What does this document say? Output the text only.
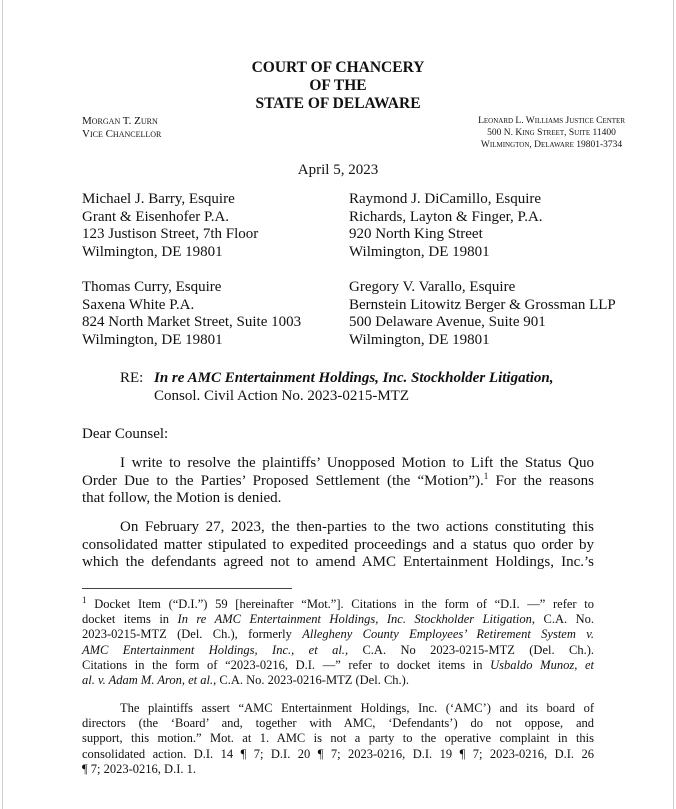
COURT OF CHANCERY
OF THE
STATE OF DELAWARE
Morgan T. Zurn
Vice Chancellor
Leonard L. Williams Justice Center
500 N. King Street, Suite 11400
Wilmington, Delaware 19801-3734
April 5, 2023
Michael J. Barry, Esquire
Grant & Eisenhofer P.A.
123 Justison Street, 7th Floor
Wilmington, DE 19801
Raymond J. DiCamillo, Esquire
Richards, Layton & Finger, P.A.
920 North King Street
Wilmington, DE 19801
Thomas Curry, Esquire
Saxena White P.A.
824 North Market Street, Suite 1003
Wilmington, DE 19801
Gregory V. Varallo, Esquire
Bernstein Litowitz Berger & Grossman LLP
500 Delaware Avenue, Suite 901
Wilmington, DE 19801
RE: In re AMC Entertainment Holdings, Inc. Stockholder Litigation,
Consol. Civil Action No. 2023-0215-MTZ
Dear Counsel:
I write to resolve the plaintiffs’ Unopposed Motion to Lift the Status Quo
Order Due to the Parties’ Proposed Settlement (the “Motion”).$^1$ For the reasons
that follow, the Motion is denied.
On February 27, 2023, the then-parties to the two actions constituting this
consolidated matter stipulated to expedited proceedings and a status quo order by
which the defendants agreed not to amend AMC Entertainment Holdings, Inc.’s
$^1$ Docket Item (“D.I.”) 59 [hereinafter “Mot.”]. Citations in the form of “D.I. —” refer to
docket items in In re AMC Entertainment Holdings, Inc. Stockholder Litigation, C.A. No.
2023-0215-MTZ (Del. Ch.), formerly Allegheny County Employees’ Retirement System v.
AMC Entertainment Holdings, Inc., et al., C.A. No 2023-0215-MTZ (Del. Ch.).
Citations in the form of “2023-0216, D.I. —” refer to docket items in Usbaldo Munoz, et
al. v. Adam M. Aron, et al., C.A. No. 2023-0216-MTZ (Del. Ch.).
The plaintiffs assert “AMC Entertainment Holdings, Inc. (‘AMC’) and its board of
directors (the ‘Board’ and, together with AMC, ‘Defendants’) do not oppose, and
support, this motion.” Mot. at 1. AMC is not a party to the operative complaint in this
consolidated action. D.I. 14 ¶ 7; D.I. 20 ¶ 7; 2023-0216, D.I. 19 ¶ 7; 2023-0216, D.I. 26
¶ 7; 2023-0216, D.I. 1.
